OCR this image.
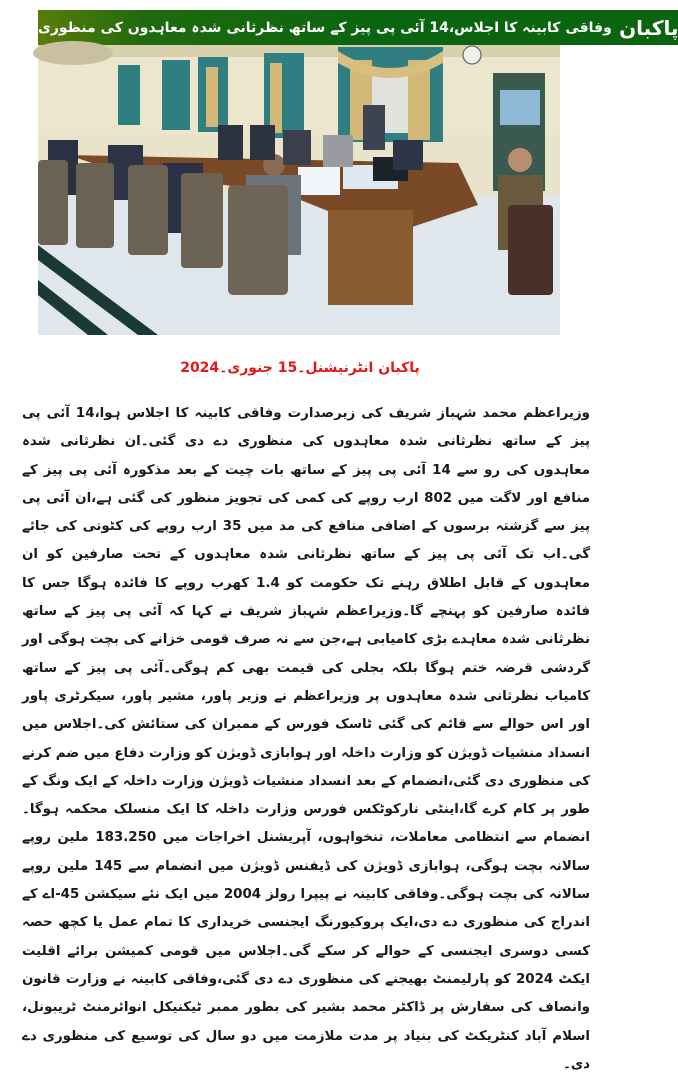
وفاقی کابینہ کا اجلاس،14 آئی پی پیز کے ساتھ نظرثانی شدہ معاہدوں کی منظوری پاکبان
پاکبان انٹرنیشنل۔15 جنوری۔2024
وزیراعظم محمد شہباز شریف کی زیرصدارت وفاقی کابینہ کا اجلاس ہوا،14 آئی پی پیز کے ساتھ نظرثانی شدہ معاہدوں کی منظوری دے دی گئی۔ان نظرثانی شدہ معاہدوں کی رو سے 14 آئی پی پیز کے ساتھ بات چیت کے بعد مذکورہ آئی پی پیز کے منافع اور لاگت میں 802 ارب روپے کی کمی کی تجویز منظور کی گئی ہے،ان آئی پی پیز سے گزشتہ برسوں کے اضافی منافع کی مد میں 35 ارب روپے کی کٹوتی کی جائے گی۔اب تک آئی پی پیز کے ساتھ نظرثانی شدہ معاہدوں کے تحت صارفین کو ان معاہدوں کے قابل اطلاق رہنے تک حکومت کو 1.4 کھرب روپے کا فائدہ ہوگا جس کا فائدہ صارفین کو پہنچے گا۔وزیراعظم شہباز شریف نے کہا کہ آئی پی پیز کے ساتھ نظرثانی شدہ معاہدے بڑی کامیابی ہے،جن سے نہ صرف قومی خزانے کی بچت ہوگی اور گردشی قرضہ ختم ہوگا بلکہ بجلی کی قیمت بھی کم ہوگی۔آئی پی پیز کے ساتھ کامیاب نظرثانی شدہ معاہدوں پر وزیراعظم نے وزیر پاور، مشیر پاور، سیکرٹری پاور اور اس حوالے سے قائم کی گئی ٹاسک فورس کے ممبران کی ستائش کی۔اجلاس میں انسداد منشیات ڈویژن کو وزارت داخلہ اور ہوابازی ڈویژن کو وزارت دفاع میں ضم کرنے کی منظوری دی گئی،انضمام کے بعد انسداد منشیات ڈویژن وزارت داخلہ کے ایک ونگ کے طور پر کام کرے گا،اینٹی نارکوٹکس فورس وزارت داخلہ کا ایک منسلک محکمہ ہوگا۔انضمام سے انتظامی معاملات، تنخواہوں، آپریشنل اخراجات میں 183.250 ملین روپے سالانہ بچت ہوگی، ہوابازی ڈویژن کی ڈیفنس ڈویژن میں انضمام سے 145 ملین روپے سالانہ کی بچت ہوگی۔وفاقی کابینہ نے پیپرا رولز 2004 میں ایک نئے سیکشن 45-اے کے اندراج کی منظوری دے دی،ایک پروکیورنگ ایجنسی خریداری کا تمام عمل یا کچھ حصہ کسی دوسری ایجنسی کے حوالے کر سکے گی۔اجلاس میں قومی کمیشن برائے اقلیت ایکٹ 2024 کو پارلیمنٹ بھیجنے کی منظوری دے دی گئی،وفاقی کابینہ نے وزارت قانون وانصاف کی سفارش پر ڈاکٹر محمد بشیر کی بطور ممبر ٹیکنیکل انوائرمنٹ ٹریبونل، اسلام آباد کنٹریکٹ کی بنیاد پر مدت ملازمت میں دو سال کی توسیع کی منظوری دے دی۔
